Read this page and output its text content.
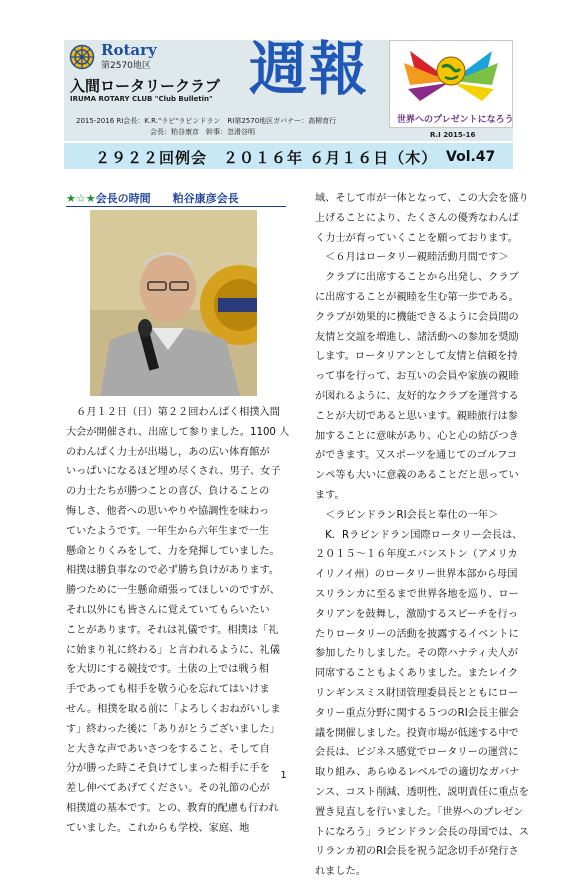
Rotary
第2570地区
入間ロータリークラブ
IRUMA ROTARY CLUB "Club Bulletin" 週報
2015-2016 RI会長：K.R."ラビ"ラビンドラン　RI第2570地区ガバナー：高柳育行
会長：粕谷康彦　幹事：忽滑谷明
世界へのプレゼントになろう
R.I 2015-16
２９２２回例会　２０１６年 ６月１６日（木） Vol.47
★☆★会長の時間 粕谷康彦会長

　６月１２日（日）第２２回わんぱく相撲入間

大会が開催され、出席して参りました。1100 人

のわんぱく力士が出場し，あの広い体育館が

いっぱいになるほど埋め尽くされ、男子、女子

の力士たちが勝つことの喜び、負けることの

悔しさ、他者への思いやりや協調性を味わっ

ていたようです。一年生から六年生まで一生

懸命とりくみをして、力を発揮していました。

相撲は勝負事なので必ず勝ち負けがあります。

勝つために一生懸命頑張ってほしいのですが、

それ以外にも皆さんに覚えていてもらいたい

ことがあります。それは礼儀です。相撲は「礼

に始まり礼に終わる」と言われるように、礼儀

を大切にする競技です。土俵の上では戦う相

手であっても相手を敬う心を忘れてはいけま

せん。相撲を取る前に「よろしくおねがいしま

す」終わった後に「ありがとうございました」

と大きな声であいさつをすること、そして自

分が勝った時こそ負けてしまった相手に手を

差し伸べてあげてください。その礼節の心が

相撲道の基本です。との、教育的配慮も行われ

ていました。これからも学校、家庭、地

域、そして市が一体となって、この大会を盛り

上げることにより、たくさんの優秀なわんぱ

く力士が育っていくことを願っております。

　＜６月はロータリー親睦活動月間です＞

　クラブに出席することから出発し、クラブ

に出席することが親睦を生む第一歩である。

クラブが効果的に機能できるように会員間の

友情と交誼を増進し、諸活動への参加を奨励

します。ロータリアンとして友情と信頼を持

って事を行って、お互いの会員や家族の親睦

が図れるように、友好的なクラブを運営する

ことが大切であると思います。親睦旅行は参

加することに意味があり、心と心の結びつき

ができます。又スポーツを通じてのゴルフコ

ンペ等も大いに意義のあることだと思ってい

ます。

　＜ラビンドランRI会長と奉仕の一年＞

　K．Rラビンドラン国際ロータリー会長は、

２０１５～１６年度エバンストン（アメリカ

イリノイ州）のロータリー世界本部から母国

スリランカに至るまで世界各地を巡り、ロー

タリアンを鼓舞し，激励するスピーチを行っ

たりロータリーの活動を披露するイベントに

参加したりしました。その際ハナティ夫人が

同席することもよくありました。またレイク

リンギンスミス財団管理委員長とともにロー

タリー重点分野に関する５つのRI会長主催会

議を開催しました。投資市場が低迷する中で

会長は、ビジネス感覚でロータリーの運営に

取り組み、あらゆるレベルでの適切なガバナ

ンス、コスト削減、透明性、説明責任に重点を

置き見直しを行いました。「世界へのプレゼン

トになろう」ラビンドラン会長の母国では、ス

リランカ初のRI会長を祝う記念切手が発行さ

れました。

1
